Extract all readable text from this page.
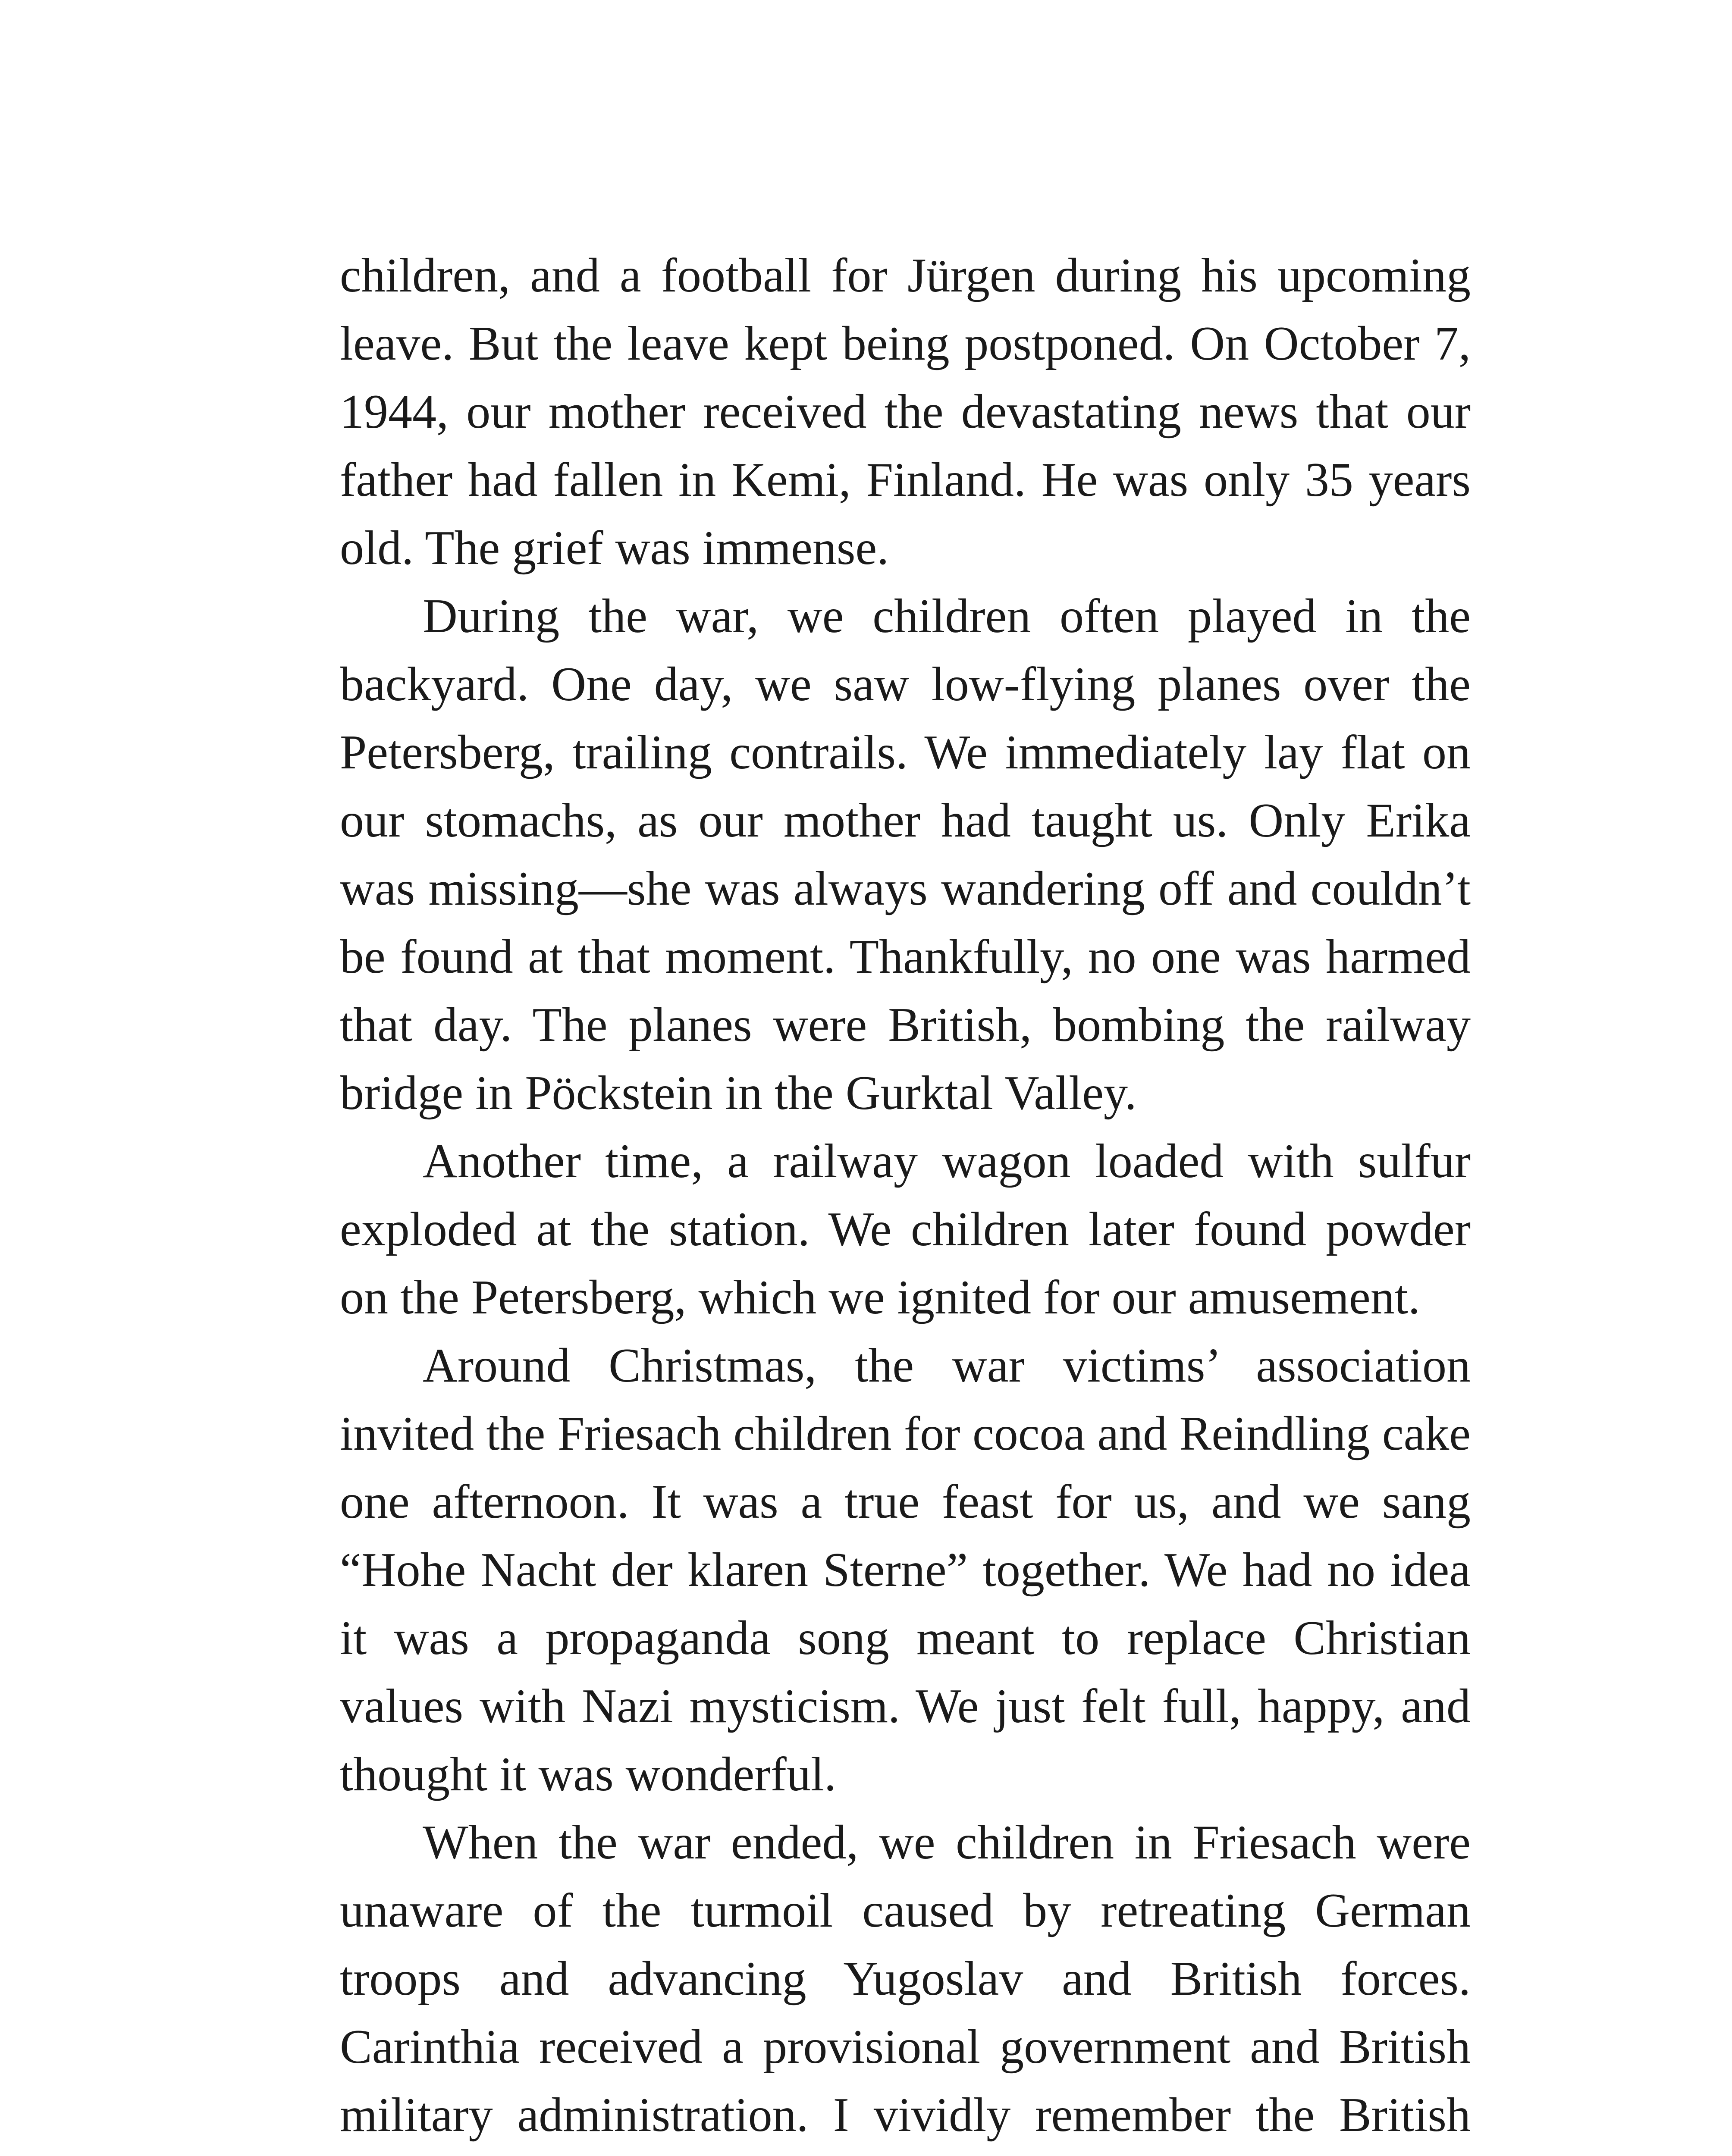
children, and a football for Jürgen during his upcoming leave. But the leave kept being postponed. On October 7, 1944, our mother received the devastating news that our father had fallen in Kemi, Finland. He was only 35 years old. The grief was immense.

During the war, we children often played in the backyard. One day, we saw low-flying planes over the Petersberg, trailing contrails. We immediately lay flat on our stomachs, as our mother had taught us. Only Erika was missing—she was always wandering off and couldn’t be found at that moment. Thankfully, no one was harmed that day. The planes were British, bombing the railway bridge in Pöckstein in the Gurktal Valley.

Another time, a railway wagon loaded with sulfur exploded at the station. We children later found powder on the Petersberg, which we ignited for our amusement.

Around Christmas, the war victims’ association invited the Friesach children for cocoa and Reindling cake one afternoon. It was a true feast for us, and we sang “Hohe Nacht der klaren Sterne” together. We had no idea it was a propaganda song meant to replace Christian values with Nazi mysticism. We just felt full, happy, and thought it was wonderful.

When the war ended, we children in Friesach were unaware of the turmoil caused by retreating German troops and advancing Yugoslav and British forces. Carinthia received a provisional government and British military administration. I vividly remember the British
